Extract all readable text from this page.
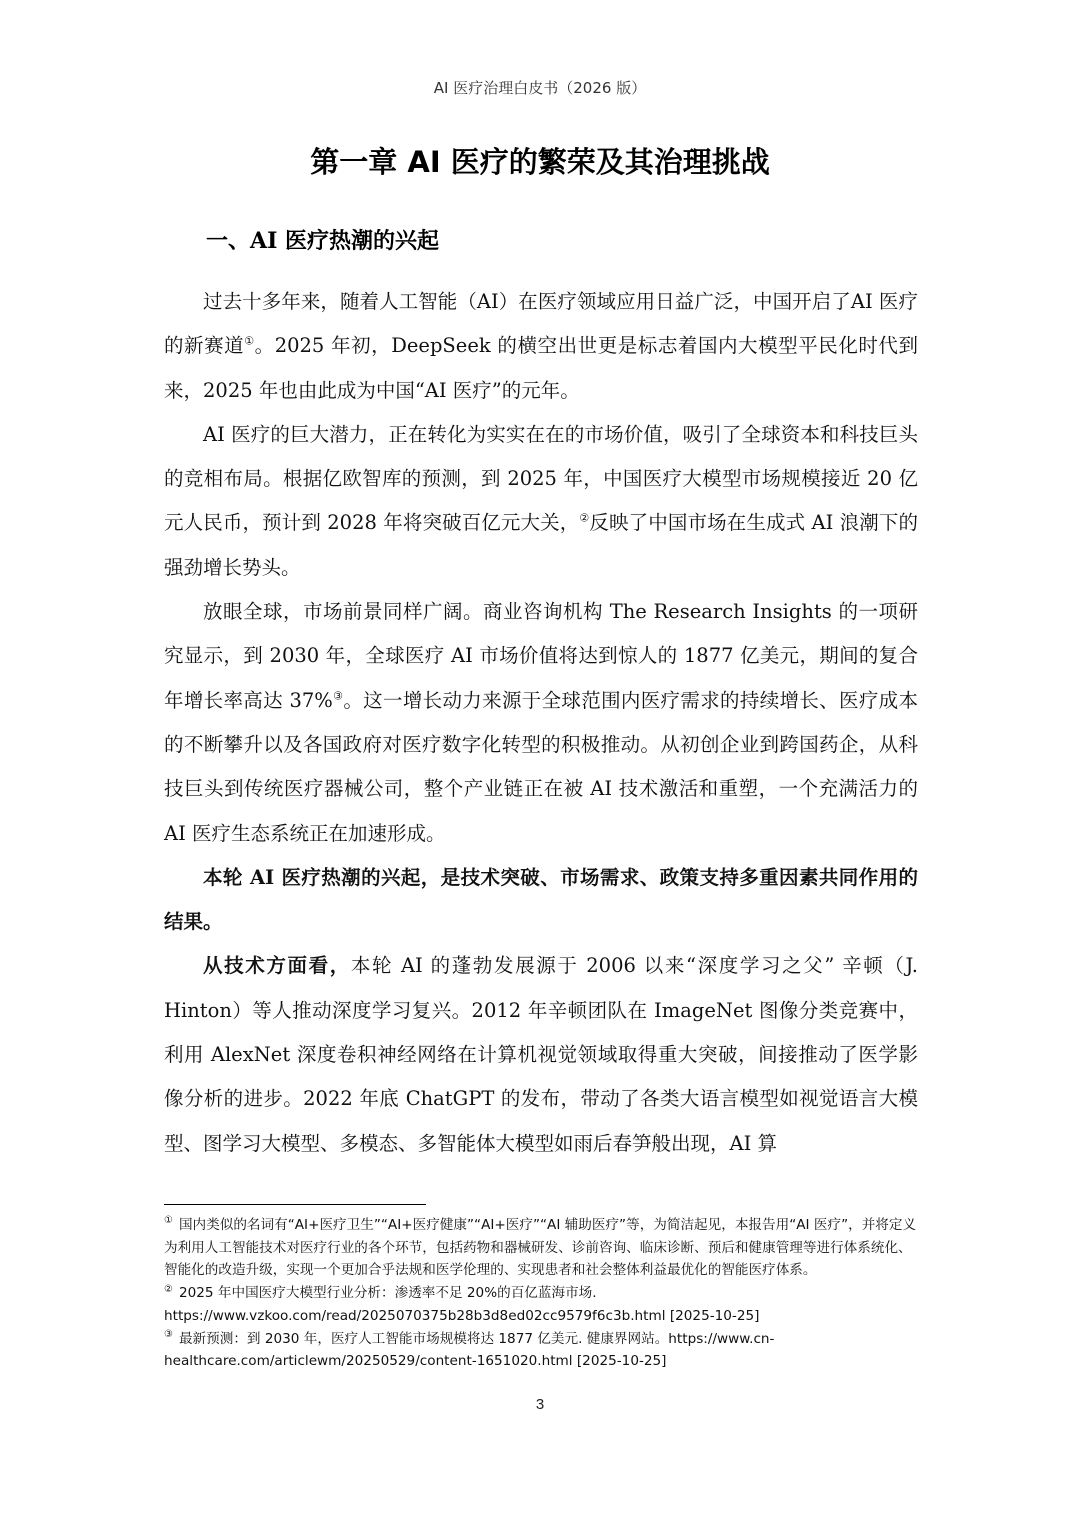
AI 医疗治理白皮书（2026 版）
第一章 AI 医疗的繁荣及其治理挑战
一、AI 医疗热潮的兴起

过去十多年来，随着人工智能（AI）在医疗领域应用日益广泛，中国开启了AI 医疗的新赛道①。2025 年初，DeepSeek 的横空出世更是标志着国内大模型平民化时代到来，2025 年也由此成为中国“AI 医疗”的元年。

AI 医疗的巨大潜力，正在转化为实实在在的市场价值，吸引了全球资本和科技巨头的竞相布局。根据亿欧智库的预测，到 2025 年，中国医疗大模型市场规模接近 20 亿元人民币，预计到 2028 年将突破百亿元大关，②反映了中国市场在生成式 AI 浪潮下的强劲增长势头。

放眼全球，市场前景同样广阔。商业咨询机构 The Research Insights 的一项研究显示，到 2030 年，全球医疗 AI 市场价值将达到惊人的 1877 亿美元，期间的复合年增长率高达 37%③。这一增长动力来源于全球范围内医疗需求的持续增长、医疗成本的不断攀升以及各国政府对医疗数字化转型的积极推动。从初创企业到跨国药企，从科技巨头到传统医疗器械公司，整个产业链正在被 AI 技术激活和重塑，一个充满活力的 AI 医疗生态系统正在加速形成。

本轮 AI 医疗热潮的兴起，是技术突破、市场需求、政策支持多重因素共同作用的结果。

从技术方面看，本轮 AI 的蓬勃发展源于 2006 以来“深度学习之父” 辛顿（J. Hinton）等人推动深度学习复兴。2012 年辛顿团队在 ImageNet 图像分类竞赛中，利用 AlexNet 深度卷积神经网络在计算机视觉领域取得重大突破，间接推动了医学影像分析的进步。2022 年底 ChatGPT 的发布，带动了各类大语言模型如视觉语言大模型、图学习大模型、多模态、多智能体大模型如雨后春笋般出现，AI 算

① 国内类似的名词有“AI+医疗卫生”“AI+医疗健康”“AI+医疗”“AI 辅助医疗”等，为简洁起见，本报告用“AI 医疗”，并将定义为利用人工智能技术对医疗行业的各个环节，包括药物和器械研发、诊前咨询、临床诊断、预后和健康管理等进行体系统化、智能化的改造升级，实现一个更加合乎法规和医学伦理的、实现患者和社会整体利益最优化的智能医疗体系。

② 2025 年中国医疗大模型行业分析：渗透率不足 20%的百亿蓝海市场. https://www.vzkoo.com/read/2025070375b28b3d8ed02cc9579f6c3b.html [2025-10-25]

③ 最新预测：到 2030 年，医疗人工智能市场规模将达 1877 亿美元. 健康界网站。https://www.cn-healthcare.com/articlewm/20250529/content-1651020.html [2025-10-25]

3
